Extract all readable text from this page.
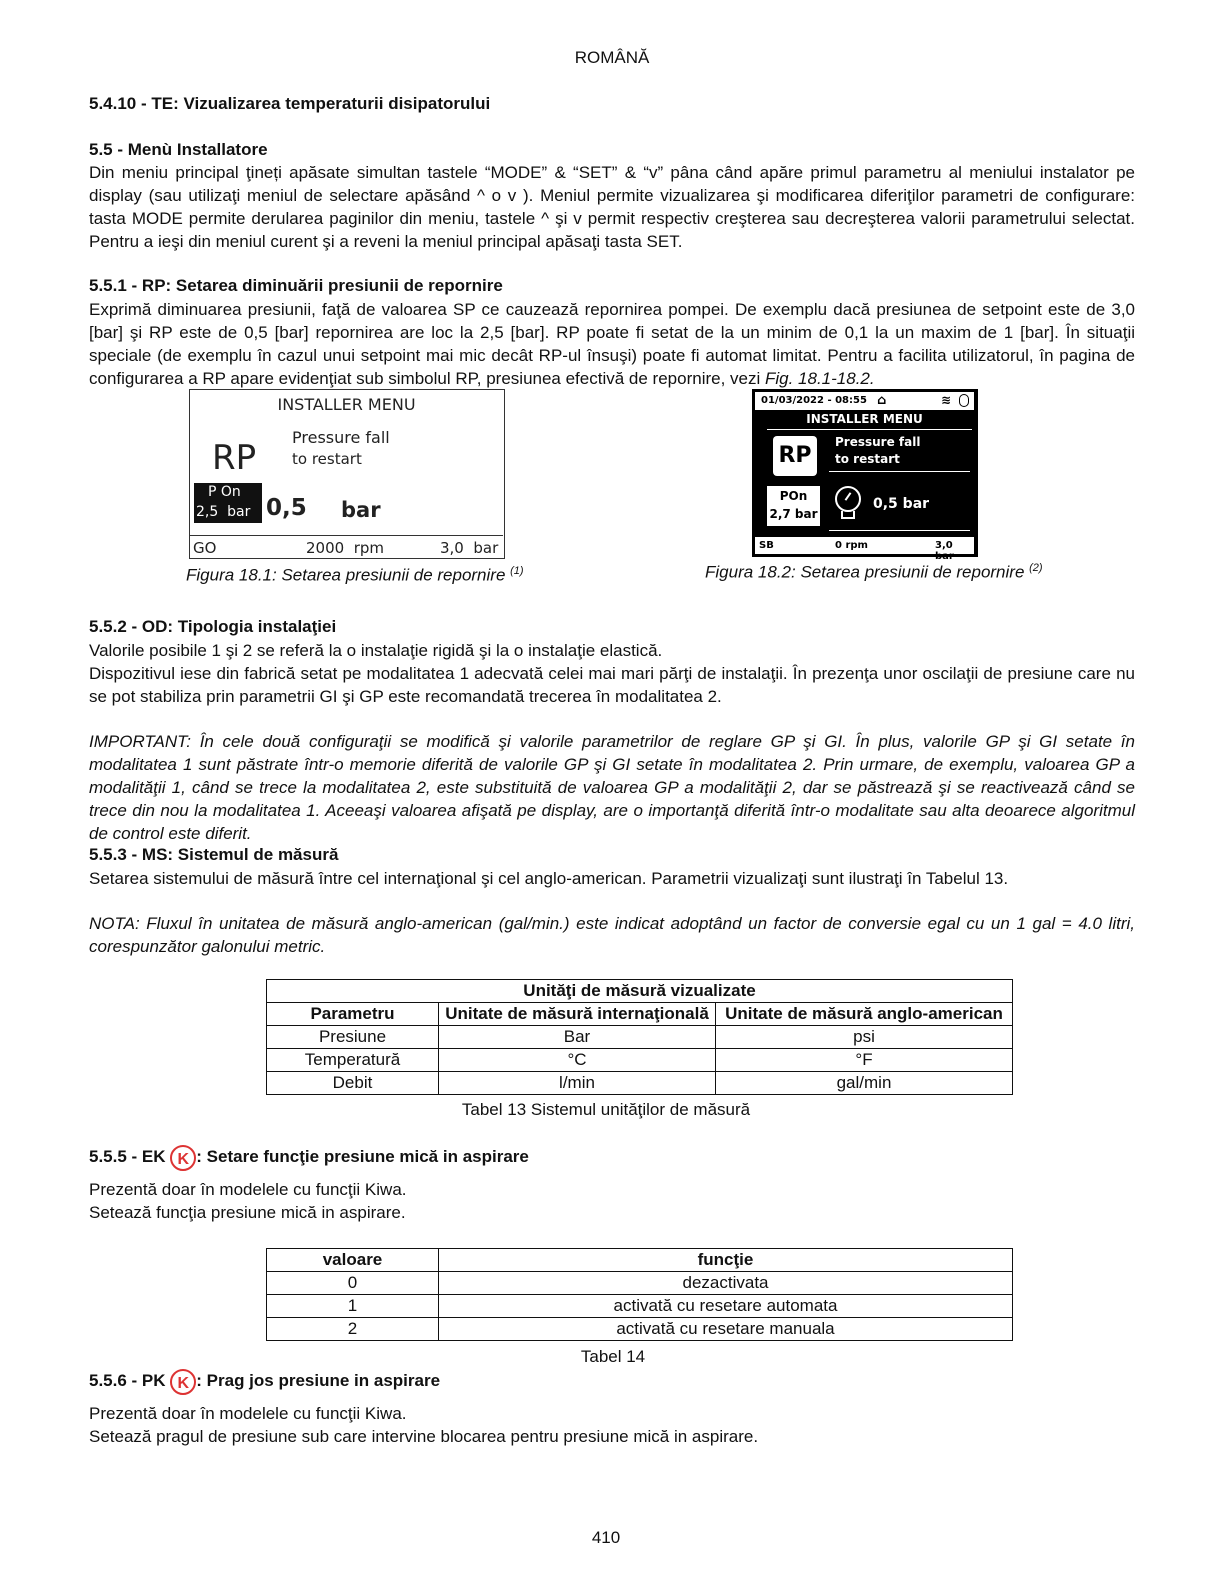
ROMÂNĂ
5.4.10 - TE: Vizualizarea temperaturii disipatorului
5.5 - Menù Installatore

Din meniu principal ţineți apăsate simultan tastele “MODE” & “SET” & “v” pâna când apăre primul parametru al meniului instalator pe display (sau utilizaţi meniul de selectare apăsând ^ o v ). Meniul permite vizualizarea şi modificarea diferiţilor parametri de configurare: tasta MODE permite derularea paginilor din meniu, tastele ^ şi v permit respectiv creşterea sau decreşterea valorii parametrului selectat. Pentru a ieşi din meniul curent şi a reveni la meniul principal apăsaţi tasta SET.

5.5.1 - RP: Setarea diminuării presiunii de repornire

Exprimă diminuarea presiunii, faţă de valoarea SP ce cauzează repornirea pompei. De exemplu dacă presiunea de setpoint este de 3,0 [bar] şi RP este de 0,5 [bar] repornirea are loc la 2,5 [bar]. RP poate fi setat de la un minim de 0,1 la un maxim de 1 [bar]. În situaţii speciale (de exemplu în cazul unui setpoint mai mic decât RP-ul însuşi) poate fi automat limitat. Pentru a facilita utilizatorul, în pagina de configurarea a RP apare evidenţiat sub simbolul RP, presiunea efectivă de repornire, vezi Fig. 18.1-18.2.

INSTALLER MENU
RP
Pressure fall
to restart
P On
2,5  bar 0,5 bar
GO	2000  rpm	3,0  bar
Figura 18.1: Setarea presiunii de repornire $^{(1)}$
01/03/2022 - 08:55 ⌂	≋
INSTALLER MENU
RP
Pressure fall
to restart
POn
2,7 bar
0,5 bar
SB	0 rpm	3,0 bar
Figura 18.2: Setarea presiunii de repornire $^{(2)}$
5.5.2 - OD: Tipologia instalaţiei

Valorile posibile 1 şi 2 se referă la o instalaţie rigidă şi la o instalaţie elastică.

Dispozitivul iese din fabrică setat pe modalitatea 1 adecvată celei mai mari părţi de instalaţii. În prezenţa unor oscilaţii de presiune care nu se pot stabiliza prin parametrii GI şi GP este recomandată trecerea în modalitatea 2.

IMPORTANT: În cele două configuraţii se modifică şi valorile parametrilor de reglare GP şi GI. În plus, valorile GP şi GI setate în modalitatea 1 sunt păstrate într-o memorie diferită de valorile GP şi GI setate în modalitatea 2. Prin urmare, de exemplu, valoarea GP a modalităţii 1, când se trece la modalitatea 2, este substituită de valoarea GP a modalităţii 2, dar se păstrează şi se reactivează când se trece din nou la modalitatea 1. Aceeaşi valoarea afişată pe display, are o importanţă diferită într-o modalitate sau alta deoarece algoritmul de control este diferit.

5.5.3 - MS: Sistemul de măsură

Setarea sistemului de măsură între cel internaţional şi cel anglo-american. Parametrii vizualizaţi sunt ilustraţi în Tabelul 13.

NOTA: Fluxul în unitatea de măsură anglo-american (gal/min.) este indicat adoptând un factor de conversie egal cu un 1 gal = 4.0 litri, corespunzător galonului metric.

Unităţi de măsură vizualizate		
Parametru	Unitate de măsură internaţională	Unitate de măsură anglo-american
Presiune	Bar	psi
Temperatură	°C	°F
Debit	l/min	gal/min
Tabel 13 Sistemul unităţilor de măsură
5.5.5 - EK K : Setare funcţie presiune mică in aspirare

Prezentă doar în modelele cu funcţii Kiwa.

Setează funcţia presiune mică in aspirare.

valoare	funcţie
0	dezactivata
1	activată cu resetare automata
2	activată cu resetare manuala
Tabel 14
5.5.6 - PK K : Prag jos presiune in aspirare

Prezentă doar în modelele cu funcţii Kiwa.

Setează pragul de presiune sub care intervine blocarea pentru presiune mică in aspirare.

410
